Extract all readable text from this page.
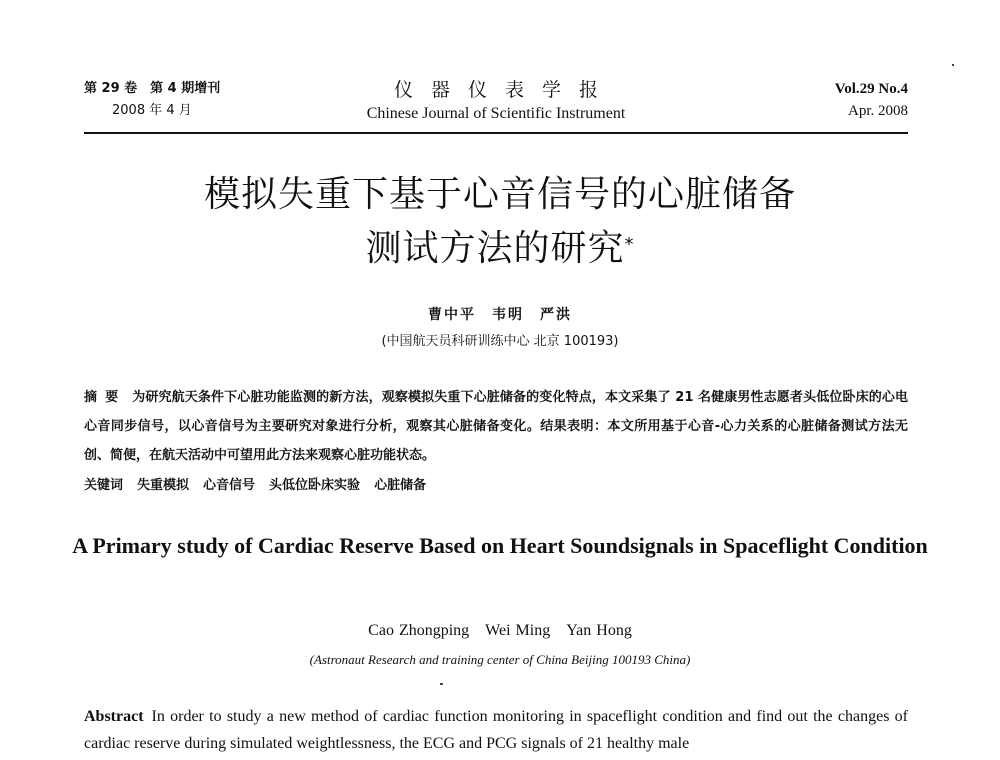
第 29 卷　第 4 期增刊
2008 年 4 月
仪器仪表学报
Chinese Journal of Scientific Instrument
Vol.29 No.4
Apr. 2008
模拟失重下基于心音信号的心脏储备
测试方法的研究*
曹中平　韦明　严洪
(中国航天员科研训练中心 北京 100193)
摘要 为研究航天条件下心脏功能监测的新方法，观察模拟失重下心脏储备的变化特点，本文采集了 21 名健康男性志愿者头低位卧床的心电心音同步信号，以心音信号为主要研究对象进行分析，观察其心脏储备变化。结果表明：本文所用基于心音-心力关系的心脏储备测试方法无创、简便，在航天活动中可望用此方法来观察心脏功能状态。
关键词 失重模拟 心音信号 头低位卧床实验 心脏储备
A Primary study of Cardiac Reserve Based on Heart Soundsignals in Spaceflight Condition
Cao Zhongping Wei Ming Yan Hong
(Astronaut Research and training center of China Beijing 100193 China)
Abstract In order to study a new method of cardiac function monitoring in spaceflight condition and find out the changes of cardiac reserve during simulated weightlessness, the ECG and PCG signals of 21 healthy male
